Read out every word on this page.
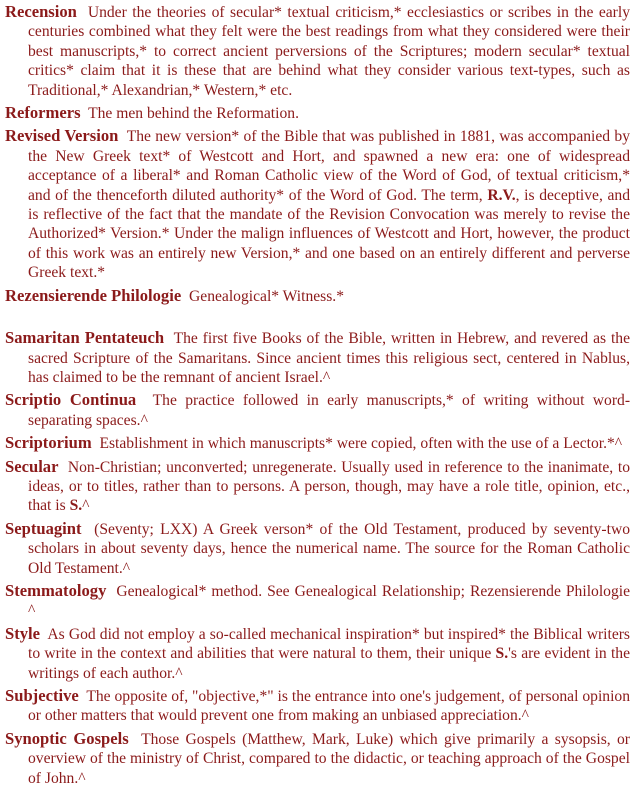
Recension Under the theories of secular* textual criticism,* ecclesiastics or scribes in the early centuries combined what they felt were the best readings from what they considered were their best manuscripts,* to correct ancient perversions of the Scriptures; modern secular* textual critics* claim that it is these that are behind what they consider various text-types, such as Traditional,* Alexandrian,* Western,* etc.

Reformers The men behind the Reformation.

Revised Version The new version* of the Bible that was published in 1881, was accompanied by the New Greek text* of Westcott and Hort, and spawned a new era: one of widespread acceptance of a liberal* and Roman Catholic view of the Word of God, of textual criticism,* and of the thenceforth diluted authority* of the Word of God. The term, R.V., is deceptive, and is reflective of the fact that the mandate of the Revision Convocation was merely to revise the Authorized* Version.* Under the malign influences of Westcott and Hort, however, the product of this work was an entirely new Version,* and one based on an entirely different and perverse Greek text.*

Rezensierende Philologie Genealogical* Witness.*

Samaritan Pentateuch The first five Books of the Bible, written in Hebrew, and revered as the sacred Scripture of the Samaritans. Since ancient times this religious sect, centered in Nablus, has claimed to be the remnant of ancient Israel.^

Scriptio Continua The practice followed in early manuscripts,* of writing without word-separating spaces.^

Scriptorium Establishment in which manuscripts* were copied, often with the use of a Lector.*^

Secular Non-Christian; unconverted; unregenerate. Usually used in reference to the inanimate, to ideas, or to titles, rather than to persons. A person, though, may have a role title, opinion, etc., that is S.^

Septuagint (Seventy; LXX) A Greek verson* of the Old Testament, produced by seventy-two scholars in about seventy days, hence the numerical name. The source for the Roman Catholic Old Testament.^

Stemmatology Genealogical* method. See Genealogical Relationship; Rezensierende Philologie ^

Style As God did not employ a so-called mechanical inspiration* but inspired* the Biblical writers to write in the context and abilities that were natural to them, their unique S.'s are evident in the writings of each author.^

Subjective The opposite of, "objective,*" is the entrance into one's judgement, of personal opinion or other matters that would prevent one from making an unbiased appreciation.^

Synoptic Gospels Those Gospels (Matthew, Mark, Luke) which give primarily a sysopsis, or overview of the ministry of Christ, compared to the didactic, or teaching approach of the Gospel of John.^
